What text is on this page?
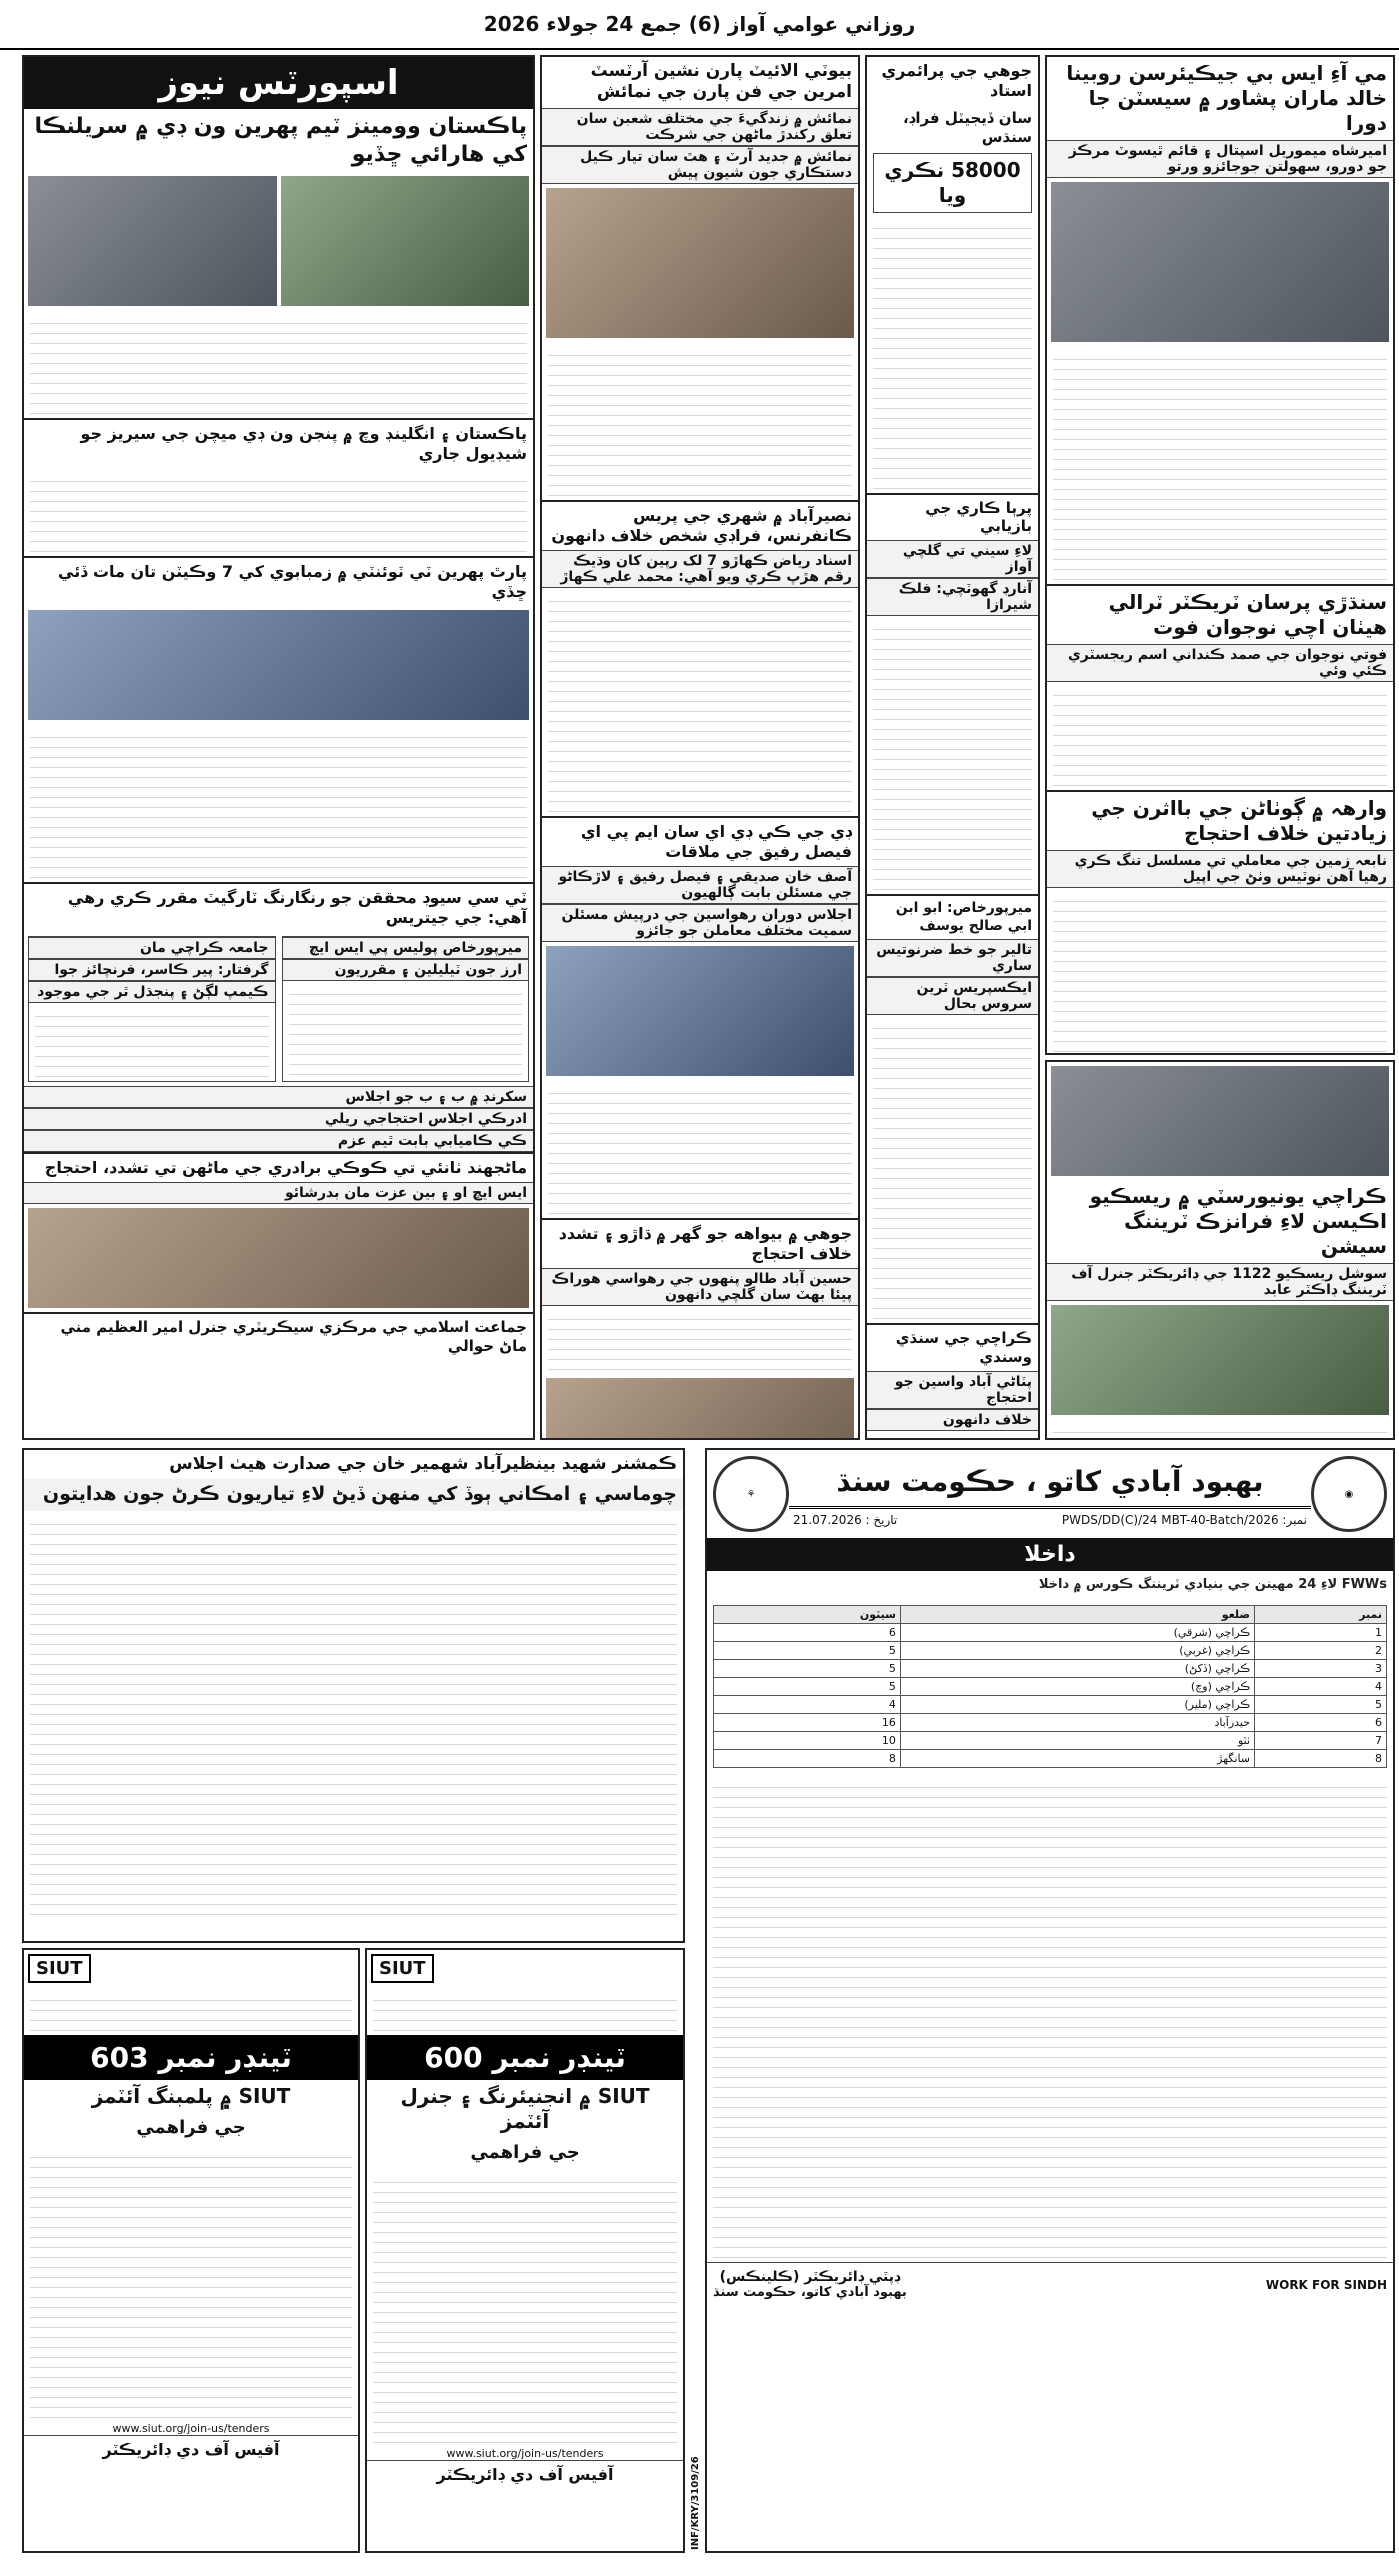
روزاني عوامي آواز (6) جمع 24 جولاء 2026
مي آءِ ايس بي جيڪيئرسن روبينا خالد ماران پشاور ۾ سيسٽن جا دورا
اميرشاه ميموريل اسپتال ۽ قائم ٿيسوٽ مرڪز جو دورو، سهولتن جوجائزو ورتو
سنڌڙي پرسان ٽريڪٽر ٽرالي هيٺان اچي نوجوان فوت
فوتي نوجوان جي صمد ڪنداني اسم ريجسٽري ڪئي وئي
وارهہ ۾ ڳوٺاڻن جي بااثرن جي زيادتين خلاف احتجاج
نابعہ زمين جي معاملي تي مسلسل تنگ ڪري رهيا آهن نوٽيس وٺڻ جي اپيل
ڪراچي يونيورسٽي ۾ ريسڪيو اڪيسن لاءِ فرانزڪ ٽريننگ سيشن
سوشل ريسڪيو 1122 جي ڊائريڪٽر جنرل آف ٽريننگ ڊاڪٽر عابد
جوهي جي پرائمري استاد
سان ڏيجيٽل فراڊ، سنڌس
58000 نڪري ويا
پرٻا ڪاري جي بازيابي
لاءِ سيني تي گلچي آواز
آنارڊ گهوٽچي: فلڪ شيرازا
ميرپورخاص: ابو ابن ابي صالح يوسف
تالير جو خط ضرنوتيس ساري
ايڪسپريس ٽرين سروس بحال
ڪراچي جي سنڌي وسندي
پٽاڻي آباد واسين جو احتجاج
خلاف دانهون
بيوٽي الائيٽ پارن نشين آرٽسٽ امرين جي فن پارن جي نمائش
نمائش ۾ زندگيءَ جي مختلف شعبن سان تعلق رکندڙ ماڻهن جي شرڪت
نمائش ۾ جديد آرٽ ۽ هٿ سان تيار ڪيل دستڪاري جون شيون پيش
نصيرآباد ۾ شهري جي پريس ڪانفرنس، فراڊي شخص خلاف دانهون
اسناد رياض ڪهاڙو 7 لک رپين کان وڌيڪ رقم هڙپ ڪري ويو آهي: محمد علي ڪهاڙ
ڊي جي ڪي ڊي اي سان ايم پي اي فيصل رفيق جي ملاقات
آصف خان صديقي ۽ فيصل رفيق ۽ لاڙڪاڻو جي مسئلن بابت ڳالهيون
اجلاس دوران رهواسين جي درپيش مسئلن سميت مختلف معاملن جو جائزو
جوهي ۾ بيواهه جو گهر ۾ ڌاڙو ۽ تشدد خلاف احتجاج
حسين آباد طالو پنهوں جي رهواسي هوراڪ پيئا بهٽ سان گلچي دانهون
اسپورٽس نيوز
پاڪستان وومينز ٽيم پهرين ون ڊي ۾ سريلنڪا کي هارائي ڇڏيو
پاڪستان ۽ انگلينڊ وچ ۾ پنجن ون ڊي ميچن جي سيريز جو شيڊيول جاري
پارٿ پهرين ٽي ٽوئنٽي ۾ زمبابوي کي 7 وڪيٽن تان مات ڏئي ڇڏي
ٽي سي سيوڊ محققن جو رنگارنگ ٽارگيٽ مقرر ڪري رهي آهي: جي جيتريس
ميرپورخاص پوليس پي ايس ايچ
ارز جون ٽيليلين ۽ مقرريون
جامعہ ڪراچي مان
گرفتار: پير ڪاسر، فرنچائز جوا
ڪيمپ لڳڻ ۽ پنجڌل ٿر جي موجود
سکرنڊ ۾ ب ۽ ب جو اجلاس
ادرڪي اجلاس احتجاجي ريلي
ڪي ڪاميابي بابت ٿيم عزم
ماڻجهند ٺانئي تي ڪوڪي برادري جي ماڻهن تي تشدد، احتجاج
ايس ايڇ او ۽ بين عزت مان بدرشائو
جماعت اسلامي جي مرڪزي سيڪريٽري جنرل امير العظيم مني ماڻ حوالي
◉
بهبود آبادي کاتو ، حڪومت سنڌ
نمبر: PWDS/DD(C)/24 MBT-40-Batch/2026
تاريخ : 21.07.2026
⚘
داخلا
FWWs لاءِ 24 مهينن جي بنيادي ٽريننگ ڪورس ۾ داخلا
نمبر	ضلعو	سيٽون
1	ڪراچي (شرقي)	6
2	ڪراچي (غربي)	5
3	ڪراچي (ڏکڻ)	5
4	ڪراچي (وچ)	5
5	ڪراچي (ملير)	4
6	حيدرآباد	16
7	ٺٽو	10
8	سانگهڙ	8
WORK FOR SINDH
ڊپٽي ڊائريڪٽر (ڪلينڪس)
بهبود آبادي کاتو، حڪومت سنڌ
INF/KRY/3109/26
SIUT
ٽينڊر نمبر 600
SIUT ۾ انجنيئرنگ ۽ جنرل آئٽمز
جي فراهمي
www.siut.org/join-us/tenders
آفيس آف دي ڊائريڪٽر
SIUT
ٽينڊر نمبر 603
SIUT ۾ پلمبنگ آئٽمز
جي فراهمي
www.siut.org/join-us/tenders
آفيس آف دي ڊائريڪٽر
ڪمشنر شهيد بينظيرآباد شهمير خان جي صدارت هيٺ اجلاس
چوماسي ۽ امڪاني ٻوڏ کي منهن ڏيڻ لاءِ تياريون ڪرڻ جون هدايتون
